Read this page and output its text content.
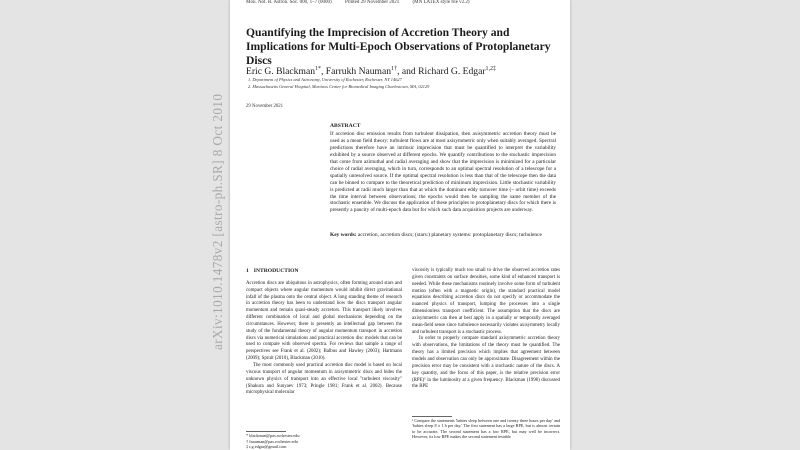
Mon. Not. R. Astron. Soc. 000, 1–7 (0000)	Printed 29 November 2021	(MN LATEX style file v2.2)
Quantifying the Imprecision of Accretion Theory and Implications for Multi-Epoch Observations of Protoplanetary Discs
Eric G. Blackman$^{1*}$, Farrukh Nauman$^{1\dagger}$, and Richard G. Edgar$^{1,2\ddagger}$
1. Department of Physics and Astronomy, University of Rochester, Rochester, NY 14627
2. Massachusetts General Hospital, Martinos Center for Biomedical Imaging Charlestown, MA, 02129
29 November 2021
ABSTRACT
If accretion disc emission results from turbulent dissipation, then axisymmetric accretion theory must be used as a mean field theory: turbulent flows are at most axisymmetric only when suitably averaged. Spectral predictions therefore have an intrinsic imprecision that must be quantified to interpret the variability exhibited by a source observed at different epochs. We quantify contributions to the stochastic imprecision that come from azimuthal and radial averaging and show that the imprecision is minimized for a particular choice of radial averaging, which in turn, corresponds to an optimal spectral resolution of a telescope for a spatially unresolved source. If the optimal spectral resolution is less than that of the telescope then the data can be binned to compare to the theoretical prediction of minimum imprecision. Little stochastic variability is predicted at radii much larger than that at which the dominant eddy turnover time (~ orbit time) exceeds the time interval between observations; the epochs would then be sampling the same member of the stochastic ensemble. We discuss the application of these principles to protoplanetary discs for which there is presently a paucity of multi-epoch data but for which such data acquisition projects are underway.
Key words: accretion, accretion discs; (stars:) planetary systems: protoplanetary discs; turbulence
1 INTRODUCTION

Accretion discs are ubiquitous in astrophysics, often forming around stars and compact objects where angular momentum would inhibit direct gravitational infall of the plasma onto the central object. A long standing theme of research in accretion theory has been to understand how the discs transport angular momentum and remain quasi-steady accretors. This transport likely involves different combination of local and global mechanisms depending on the circumstances. However, there is presently an intellectual gap between the study of the fundamental theory of angular momentum transport in accretion discs via numerical simulations and practical accretion disc models that can be used to compare with observed spectra. For reviews that sample a range of perspectives see Frank et al. (2002); Balbus and Hawley (2003); Hartmann (2009); Spruit (2010), Blackman (2010).

The most commonly used practical accretion disc model is based on local viscous transport of angular momentum in axisymmetric discs and hides the unknown physics of transport into an effective local "turbulent viscosity" (Shakura and Sunyaev 1973; Pringle 1981; Frank et al. 2002). Because microphysical molecular

viscosity is typically much too small to drive the observed accretion rates given constraints on surface densities, some kind of enhanced transport is needed. While these mechanisms routinely involve some form of turbulent motion (often with a magnetic origin), the standard practical model equations describing accretion discs do not specify or accommodate the nuanced physics of transport, lumping the processes into a single dimensionless transport coefficient. The assumption that the discs are axisymmetric can then at best apply in a spatially or temporally averaged mean-field sense since turbulence necessarily violates axisymmetry locally and turbulent transport is a stochastic process.

In order to properly compare standard axisymmetric accretion theory with observations, the limitations of the theory must be quantified. The theory has a limited precision which implies that agreement between models and observation can only be approximate. Disagreement within the precision error may be consistent with a stochastic nature of the discs. A key quantity, and the focus of this paper, is the relative precision error (RPE)¹ in the luminosity at a given frequency. Blackman (1998) discussed the RPE

* blackman@pas.rochester.edu
† fnauman@pas.rochester.edu
‡ r.g.edgar@gmail.com
¹ Compare the statements 'babies sleep between one and twenty three hours per day' and 'babies sleep 8 ± 1 h per day.' The first statement has a large RPE, but is almost certain to be accurate. The second statement has a low RPE, but may well be incorrect. However, its low RPE makes the second statement testable
arXiv:1010.1478v2 [astro-ph.SR] 8 Oct 2010
